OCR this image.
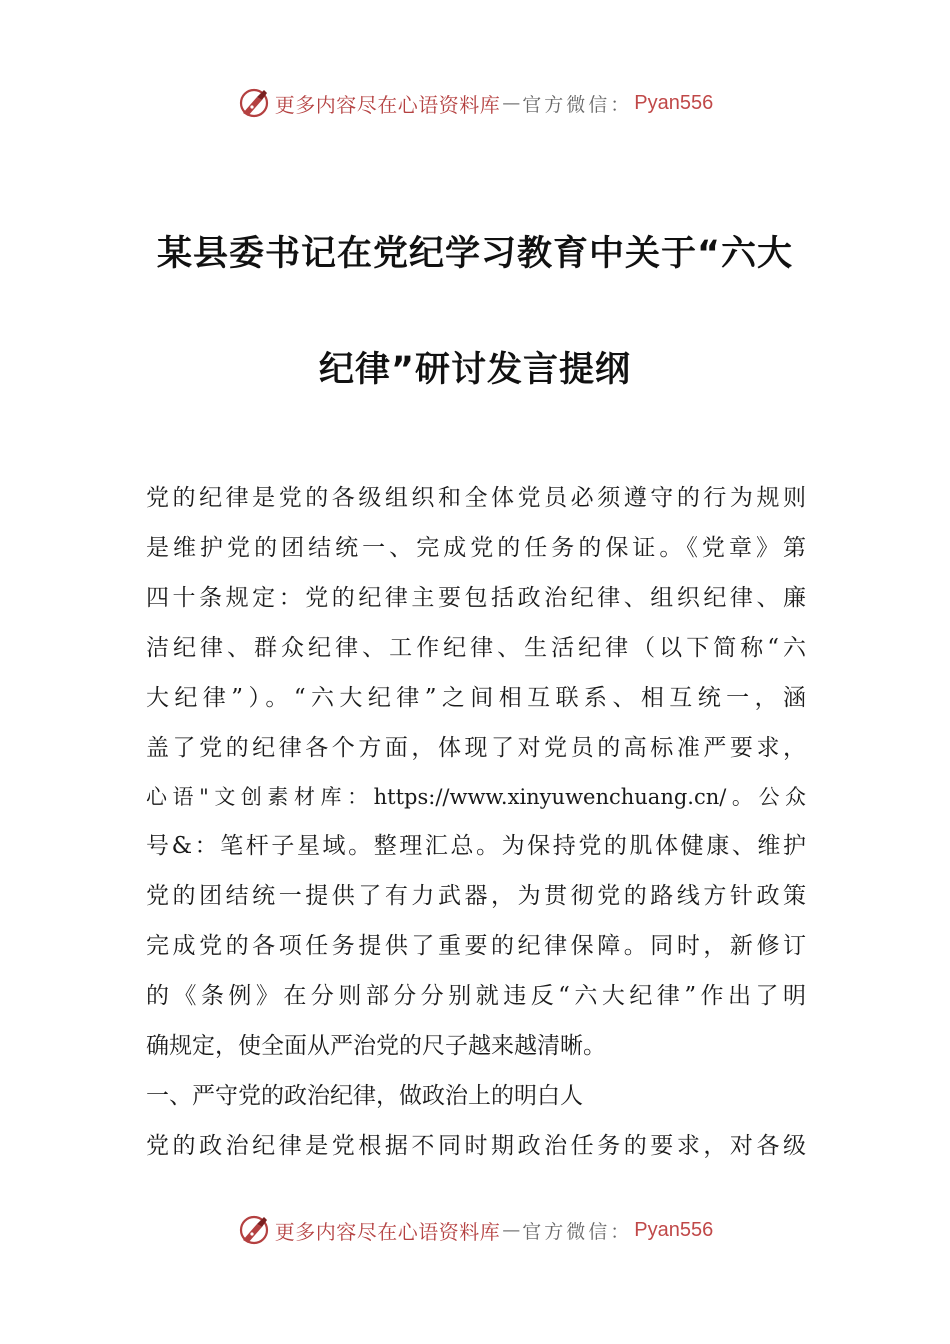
更多内容尽在心语资料库 — 官方微信： Pyan556
某县委书记在党纪学习教育中关于“六大
纪律”研讨发言提纲
党的纪律是党的各级组织和全体党员必须遵守的行为规则
是维护党的团结统一、完成党的任务的保证。《党章》第
四十条规定：党的纪律主要包括政治纪律、组织纪律、廉
洁纪律、群众纪律、工作纪律、生活纪律（以下简称“六
大纪律”）。“六大纪律”之间相互联系、相互统一，涵
盖了党的纪律各个方面，体现了对党员的高标准严要求，
心语"文创素材库：https://www.xinyuwenchuang.cn/。公众
号&：笔杆子星域。整理汇总。为保持党的肌体健康、维护
党的团结统一提供了有力武器，为贯彻党的路线方针政策
完成党的各项任务提供了重要的纪律保障。同时，新修订
的《条例》在分则部分分别就违反“六大纪律”作出了明
确规定，使全面从严治党的尺子越来越清晰。
一、严守党的政治纪律，做政治上的明白人
党的政治纪律是党根据不同时期政治任务的要求，对各级
更多内容尽在心语资料库 — 官方微信： Pyan556
